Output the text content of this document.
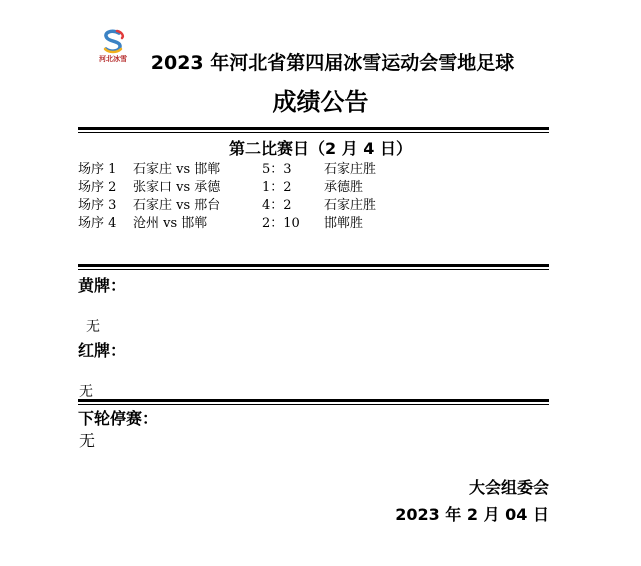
河北冰雪	2023 年河北省第四届冰雪运动会雪地足球
成绩公告
第二比赛日（2 月 4 日）
场序 1 石家庄 vs 邯郸	5：3 石家庄胜
场序 2 张家口 vs 承德	1：2 承德胜
场序 3 石家庄 vs 邢台	4：2 石家庄胜
场序 4 沧州 vs 邯郸	2：10 邯郸胜
黄牌：
无
红牌：
无
下轮停赛：
无
大会组委会
2023 年 2 月 04 日
